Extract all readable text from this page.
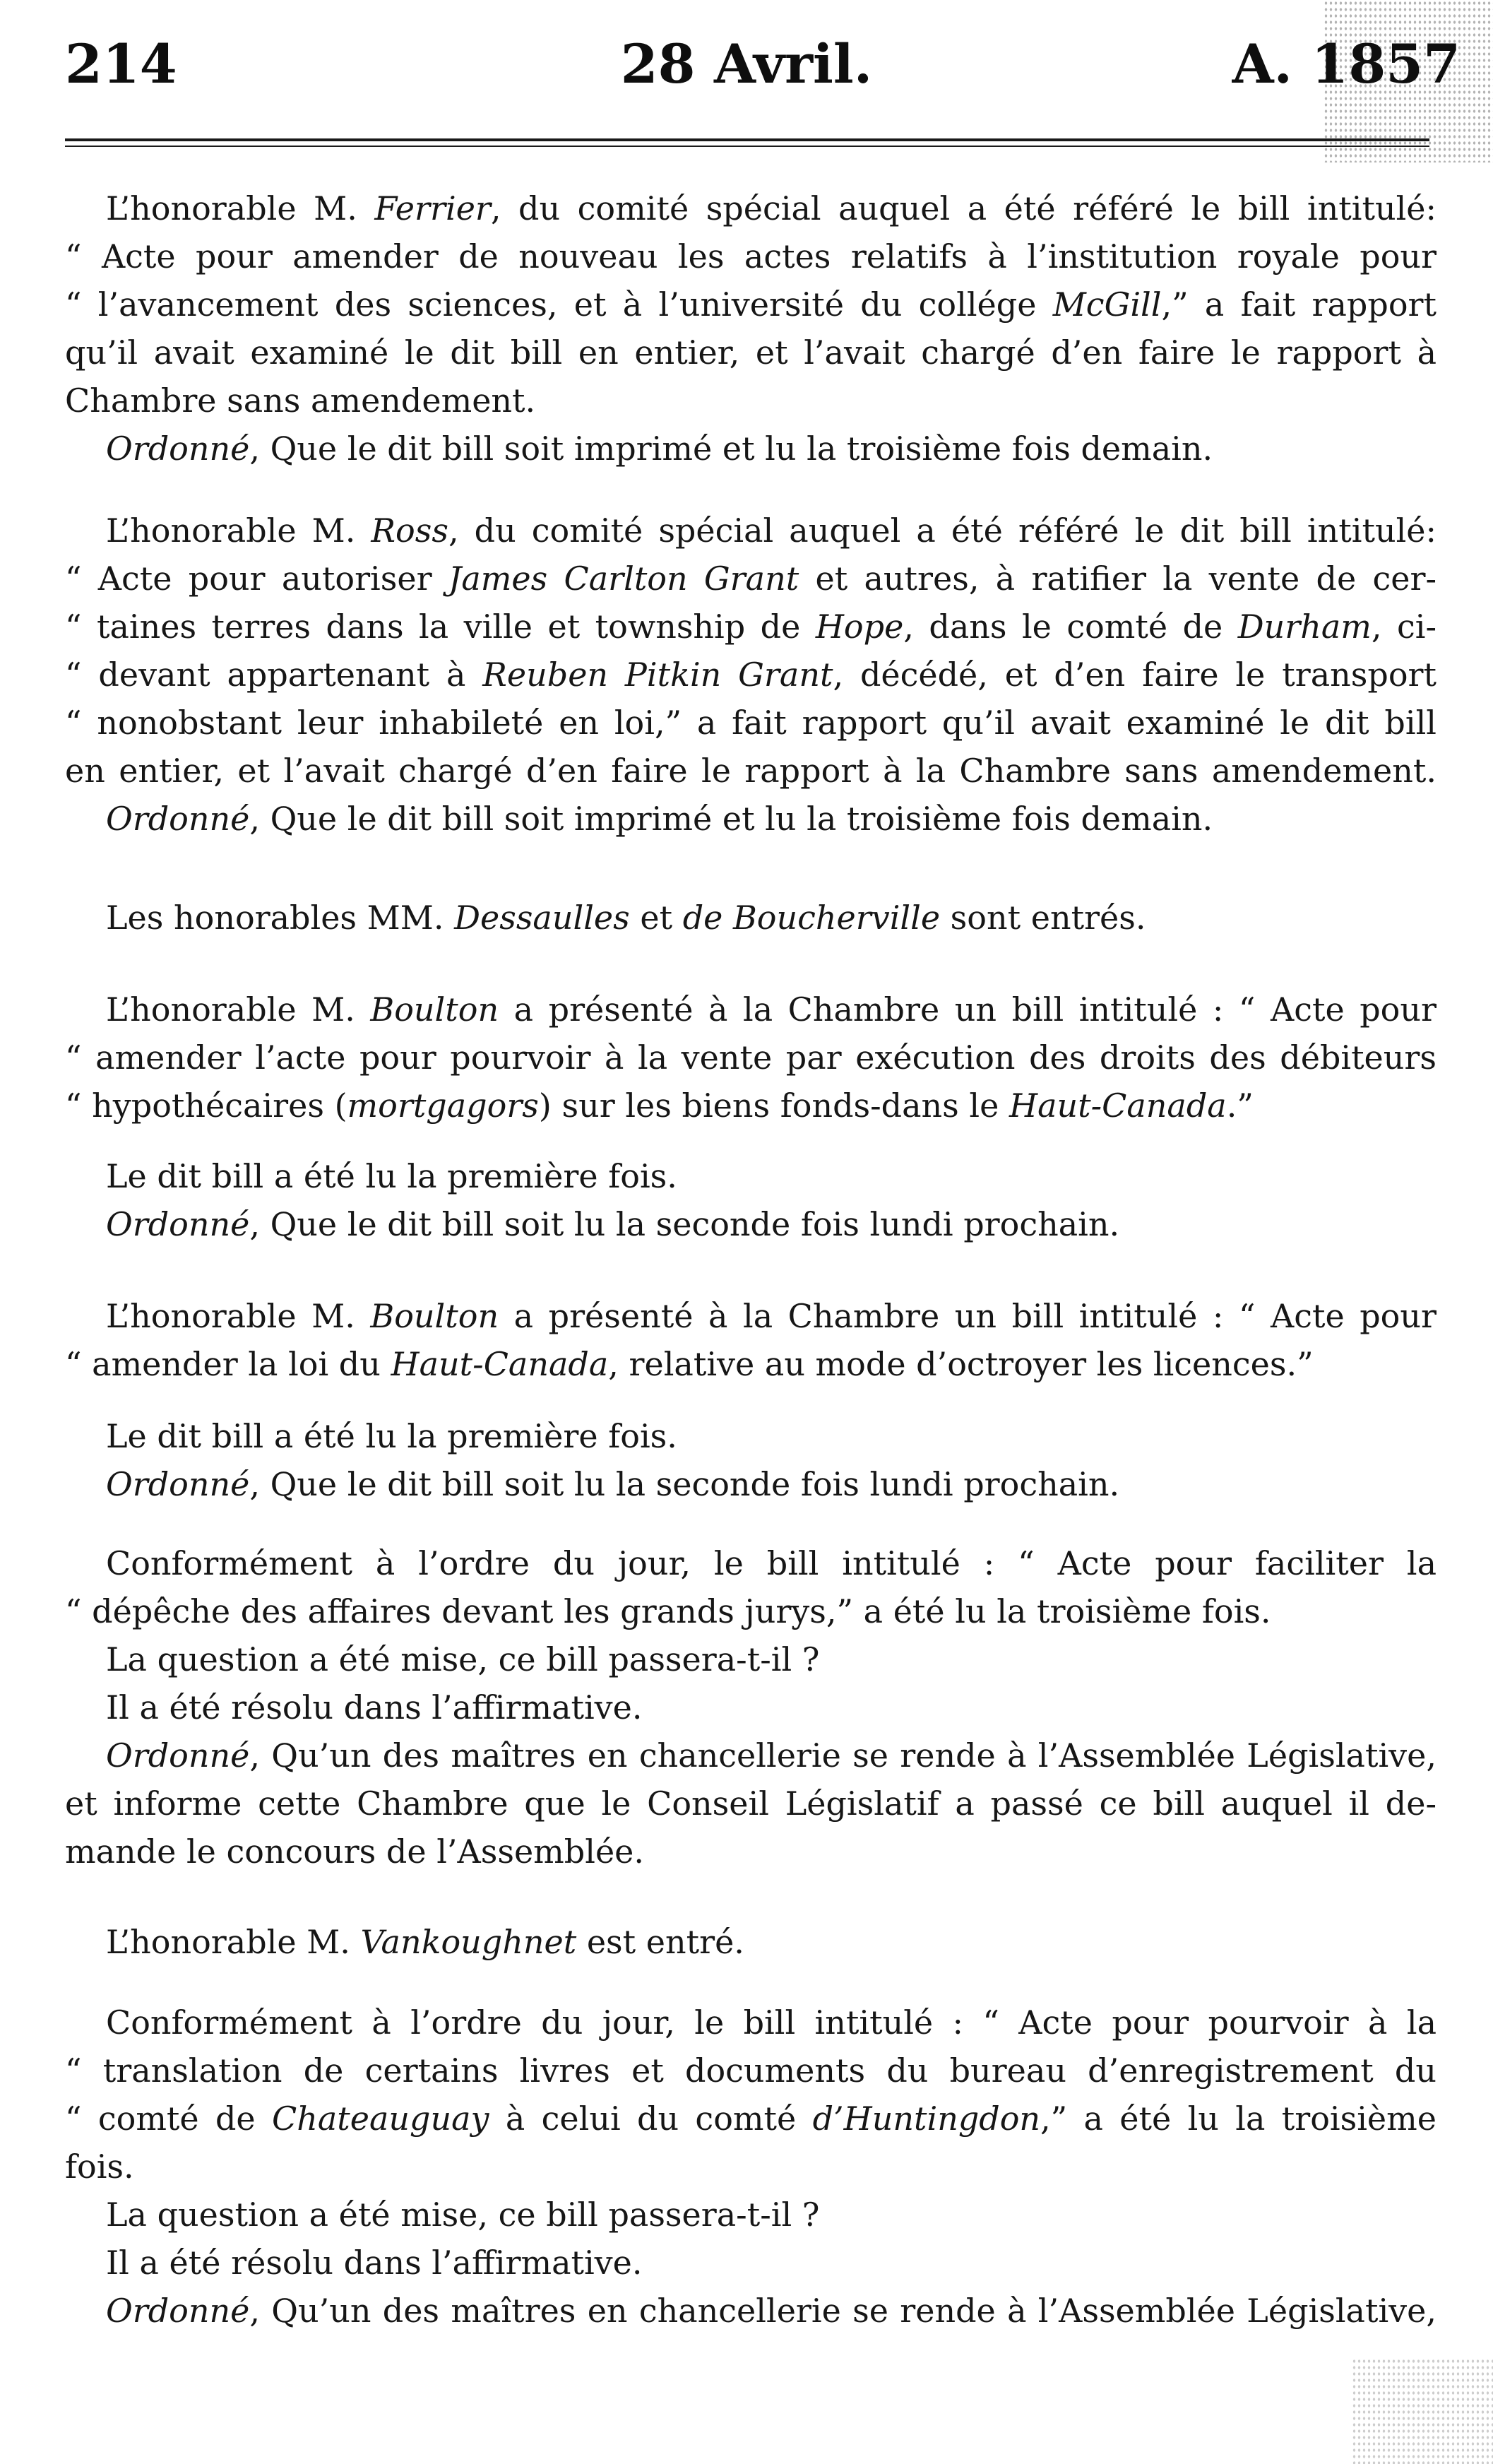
214	28 Avril.	A. 1857
L’honorable M. Ferrier, du comité spécial auquel a été référé le bill intitulé:
“ Acte pour amender de nouveau les actes relatifs à l’institution royale pour
“ l’avancement des sciences, et à l’université du collége McGill,” a fait rapport
qu’il avait examiné le dit bill en entier, et l’avait chargé d’en faire le rapport à
Chambre sans amendement.
Ordonné, Que le dit bill soit imprimé et lu la troisième fois demain.
L’honorable M. Ross, du comité spécial auquel a été référé le dit bill intitulé:
“ Acte pour autoriser James Carlton Grant et autres, à ratifier la vente de cer-
“ taines terres dans la ville et township de Hope, dans le comté de Durham, ci-
“ devant appartenant à Reuben Pitkin Grant, décédé, et d’en faire le transport
“ nonobstant leur inhabileté en loi,” a fait rapport qu’il avait examiné le dit bill
en entier, et l’avait chargé d’en faire le rapport à la Chambre sans amendement.
Ordonné, Que le dit bill soit imprimé et lu la troisième fois demain.
Les honorables MM. Dessaulles et de Boucherville sont entrés.
L’honorable M. Boulton a présenté à la Chambre un bill intitulé : “ Acte pour
“ amender l’acte pour pourvoir à la vente par exécution des droits des débiteurs
“ hypothécaires (mortgagors) sur les biens fonds-dans le Haut-Canada.”
Le dit bill a été lu la première fois.
Ordonné, Que le dit bill soit lu la seconde fois lundi prochain.
L’honorable M. Boulton a présenté à la Chambre un bill intitulé : “ Acte pour
“ amender la loi du Haut-Canada, relative au mode d’octroyer les licences.”
Le dit bill a été lu la première fois.
Ordonné, Que le dit bill soit lu la seconde fois lundi prochain.
Conformément à l’ordre du jour, le bill intitulé : “ Acte pour faciliter la
“ dépêche des affaires devant les grands jurys,” a été lu la troisième fois.
La question a été mise, ce bill passera-t-il ?
Il a été résolu dans l’affirmative.
Ordonné, Qu’un des maîtres en chancellerie se rende à l’Assemblée Législative,
et informe cette Chambre que le Conseil Législatif a passé ce bill auquel il de-
mande le concours de l’Assemblée.
L’honorable M. Vankoughnet est entré.
Conformément à l’ordre du jour, le bill intitulé : “ Acte pour pourvoir à la
“ translation de certains livres et documents du bureau d’enregistrement du
“ comté de Chateauguay à celui du comté d’Huntingdon,” a été lu la troisième
fois.
La question a été mise, ce bill passera-t-il ?
Il a été résolu dans l’affirmative.
Ordonné, Qu’un des maîtres en chancellerie se rende à l’Assemblée Législative,
